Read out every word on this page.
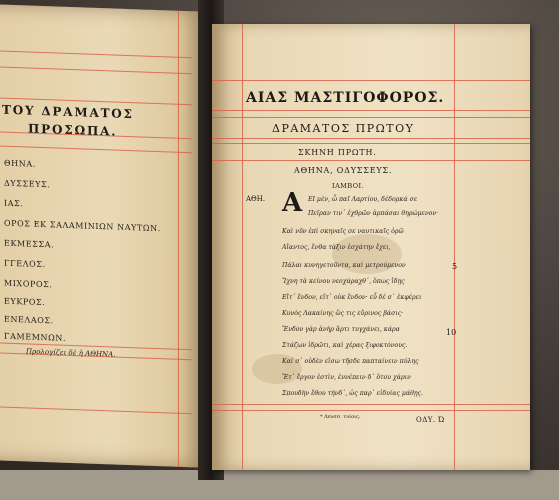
ΤΟΥ ΔΡΑΜΑΤΟΣ
ΠΡΟΣΩΠΑ.
ΘΗΝΑ.
ΔΥΣΣΕΥΣ.
ΙΑΣ.
ΟΡΟΣ ΕΚ ΣΑΛΑΜΙΝΙΩΝ ΝΑΥΤΩΝ.
ΕΚΜΕΣΣΑ.
ΓΓΕΛΟΣ.
ΜΙΧΟΡΟΣ.
ΕΥΚΡΟΣ.
ΕΝΕΛΑΟΣ.
ΓΑΜΕΜΝΩΝ.
Προλογίζει δὲ ἡ ΑΘΗΝΑ.
ΑΙΑΣ ΜΑΣΤΙΓΟΦΟΡΟΣ.
ΔΡΑΜΑΤΟΣ ΠΡΩΤΟΥ
ΣΚΗΝΗ ΠΡΩΤΗ.
ΑΘΗΝΑ, ΟΔΥΣΣΕΥΣ.
ΙΑΜΒΟΙ.
ΑΘΗ. Α ΕΙ μὲν, ὦ παῖ Λαρτίου, δέδορκά σε
Πεῖραν τιν᾽ ἐχθρῶν ἁρπάσαι θηρώμενον·
Καὶ νῦν ἐπὶ σκηναῖς σε ναυτικαῖς ὁρῶ
Αἴαντος, ἔνθα τάξιν ἐσχάτην ἔχει,
Πάλαι κυνηγετοῦντα, καὶ μετρούμενον
Ἴχνη τὰ κείνου νεοχάραχθ᾽, ὅπως ἴδῃς
Εἴτ᾽ ἔνδον, εἴτ᾽ οὐκ ἔνδον· εὖ δέ σ᾽ ἐκφέρει
Κυνὸς Λακαίνης ὥς τις εὔρινος βάσις·
Ἔνδον γὰρ ἀνὴρ ἄρτι τυγχάνει, κάρα
Στάζων ἱδρῶτι, καὶ χέρας ξιφοκτόνους.
Καί σ᾽ οὐδὲν εἴσω τῆσδε παπταίνειν πύλης
Ἔτ᾽ ἔργον ἐστὶν, ἐννέπειν δ᾽ ὅτου χάριν
Σπουδὴν ἔθου τήνδ᾽, ὡς παρ᾽ εἰδυίας μάθῃς.
5
10
* Λευσσ. τυίοις.	ΟΔΥ. Ὠ
